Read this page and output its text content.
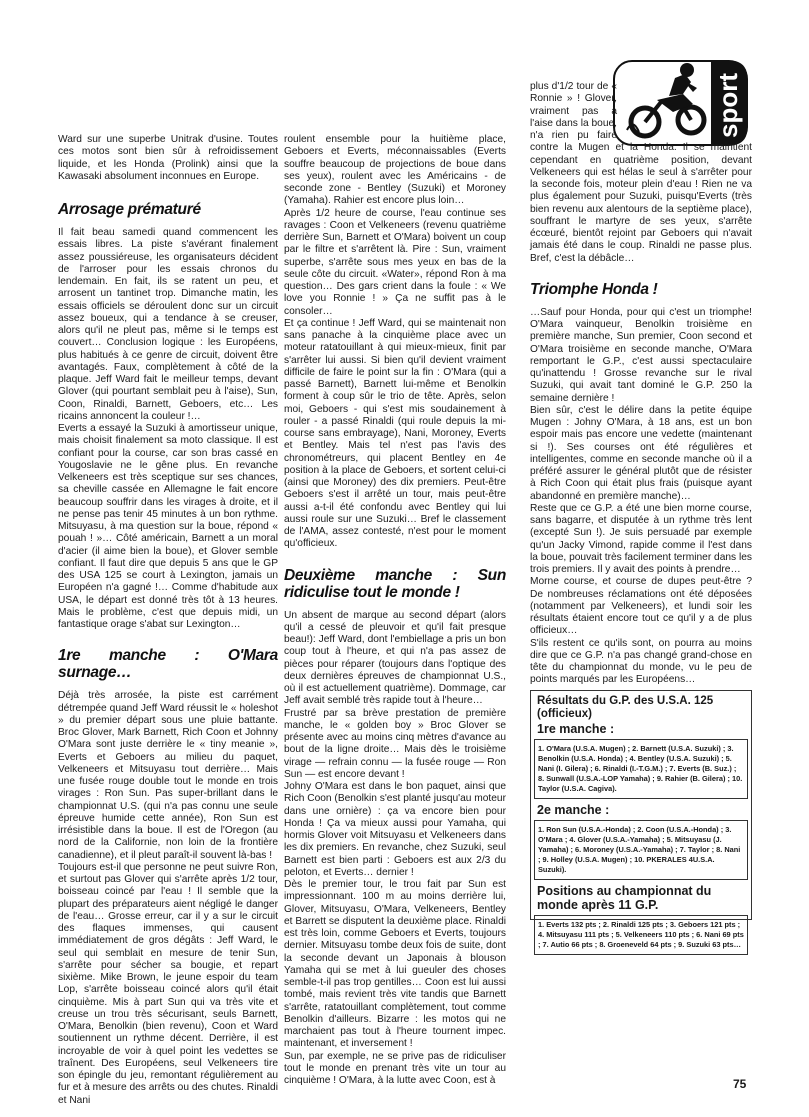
sport

Ward sur une superbe Unitrak d'usine. Toutes ces motos sont bien sûr à refroidissement liquide, et les Honda (Prolink) ainsi que la Kawasaki absolument inconnues en Europe.

Arrosage prématuré

Il fait beau samedi quand commencent les essais libres. La piste s'avérant finalement assez poussiéreuse, les organisateurs décident de l'arroser pour les essais chronos du lendemain. En fait, ils se ratent un peu, et arrosent un tantinet trop. Dimanche matin, les essais officiels se déroulent donc sur un circuit assez boueux, qui a tendance à se creuser, alors qu'il ne pleut pas, même si le temps est couvert… Conclusion logique : les Européens, plus habitués à ce genre de circuit, doivent être avantagés. Faux, complètement à côté de la plaque. Jeff Ward fait le meilleur temps, devant Glover (qui pourtant semblait peu à l'aise), Sun, Coon, Rinaldi, Barnett, Geboers, etc… Les ricains annoncent la couleur !…

Everts a essayé la Suzuki à amortisseur unique, mais choisit finalement sa moto classique. Il est confiant pour la course, car son bras cassé en Yougoslavie ne le gêne plus. En revanche Velkeneers est très sceptique sur ses chances, sa cheville cassée en Allemagne le fait encore beaucoup souffrir dans les virages à droite, et il ne pense pas tenir 45 minutes à un bon rythme. Mitsuyasu, à ma question sur la boue, répond « pouah ! »… Côté américain, Barnett a un moral d'acier (il aime bien la boue), et Glover semble confiant. Il faut dire que depuis 5 ans que le GP des USA 125 se court à Lexington, jamais un Européen n'a gagné !… Comme d'habitude aux USA, le départ est donné très tôt à 13 heures. Mais le problème, c'est que depuis midi, un fantastique orage s'abat sur Lexington…

1re manche : O'Mara surnage…

Déjà très arrosée, la piste est carrément détrempée quand Jeff Ward réussit le « holeshot » du premier départ sous une pluie battante. Broc Glover, Mark Barnett, Rich Coon et Johnny O'Mara sont juste derrière le « tiny meanie », Everts et Geboers au milieu du paquet, Velkeneers et Mitsuyasu tout derrière… Mais une fusée rouge double tout le monde en trois virages : Ron Sun. Pas super-brillant dans le championnat U.S. (qui n'a pas connu une seule épreuve humide cette année), Ron Sun est irrésistible dans la boue. Il est de l'Oregon (au nord de la Californie, non loin de la frontière canadienne), et il pleut paraît-il souvent là-bas !

Toujours est-il que personne ne peut suivre Ron, et surtout pas Glover qui s'arrête après 1/2 tour, boisseau coincé par l'eau ! Il semble que la plupart des préparateurs aient négligé le danger de l'eau… Grosse erreur, car il y a sur le circuit des flaques immenses, qui causent immédiatement de gros dégâts : Jeff Ward, le seul qui semblait en mesure de tenir Sun, s'arrête pour sécher sa bougie, et repart sixième. Mike Brown, le jeune espoir du team Lop, s'arrête boisseau coincé alors qu'il était cinquième. Mis à part Sun qui va très vite et creuse un trou très sécurisant, seuls Barnett, O'Mara, Benolkin (bien revenu), Coon et Ward soutiennent un rythme décent. Derrière, il est incroyable de voir à quel point les vedettes se traînent. Des Européens, seul Velkeneers tire son épingle du jeu, remontant régulièrement au fur et à mesure des arrêts ou des chutes. Rinaldi et Nani

roulent ensemble pour la huitième place, Geboers et Everts, méconnaissables (Everts souffre beaucoup de projections de boue dans ses yeux), roulent avec les Américains - de seconde zone - Bentley (Suzuki) et Moroney (Yamaha). Rahier est encore plus loin…

Après 1/2 heure de course, l'eau continue ses ravages : Coon et Velkeneers (revenu quatrième derrière Sun, Barnett et O'Mara) boivent un coup par le filtre et s'arrêtent là. Pire : Sun, vraiment superbe, s'arrête sous mes yeux en bas de la seule côte du circuit. «Water», répond Ron à ma question… Des gars crient dans la foule : « We love you Ronnie ! » Ça ne suffit pas à le consoler…

Et ça continue ! Jeff Ward, qui se maintenait non sans panache à la cinquième place avec un moteur ratatouillant à qui mieux-mieux, finit par s'arrêter lui aussi. Si bien qu'il devient vraiment difficile de faire le point sur la fin : O'Mara (qui a passé Barnett), Barnett lui-même et Benolkin forment à coup sûr le trio de tête. Après, selon moi, Geboers - qui s'est mis soudainement à rouler - a passé Rinaldi (qui roule depuis la mi-course sans embrayage), Nani, Moroney, Everts et Bentley. Mais tel n'est pas l'avis des chronométreurs, qui placent Bentley en 4e position à la place de Geboers, et sortent celui-ci (ainsi que Moroney) des dix premiers. Peut-être Geboers s'est il arrêté un tour, mais peut-être aussi a-t-il été confondu avec Bentley qui lui aussi roule sur une Suzuki… Bref le classement de l'AMA, assez contesté, n'est pour le moment qu'officieux.

Deuxième manche : Sun ridiculise tout le monde !

Un absent de marque au second départ (alors qu'il a cessé de pleuvoir et qu'il fait presque beau!): Jeff Ward, dont l'embiellage a pris un bon coup tout à l'heure, et qui n'a pas assez de pièces pour réparer (toujours dans l'optique des deux dernières épreuves de championnat U.S., où il est actuellement quatrième). Dommage, car Jeff avait semblé très rapide tout à l'heure…

Frustré par sa brève prestation de première manche, le « golden boy » Broc Glover se présente avec au moins cinq mètres d'avance au bout de la ligne droite… Mais dès le troisième virage — refrain connu — la fusée rouge — Ron Sun — est encore devant !

Johny O'Mara est dans le bon paquet, ainsi que Rich Coon (Benolkin s'est planté jusqu'au moteur dans une ornière) : ça va encore bien pour Honda ! Ça va mieux aussi pour Yamaha, qui hormis Glover voit Mitsuyasu et Velkeneers dans les dix premiers. En revanche, chez Suzuki, seul Barnett est bien parti : Geboers est aux 2/3 du peloton, et Everts… dernier !

Dès le premier tour, le trou fait par Sun est impressionnant. 100 m au moins derrière lui, Glover, Mitsuyasu, O'Mara, Velkeneers, Bentley et Barrett se disputent la deuxième place. Rinaldi est très loin, comme Geboers et Everts, toujours dernier. Mitsuyasu tombe deux fois de suite, dont la seconde devant un Japonais à blouson Yamaha qui se met à lui gueuler des choses semble-t-il pas trop gentilles… Coon est lui aussi tombé, mais revient très vite tandis que Barnett s'arrête, ratatouillant complètement, tout comme Benolkin d'ailleurs. Bizarre : les motos qui ne marchaient pas tout à l'heure tournent impec. maintenant, et inversement !

Sun, par exemple, ne se prive pas de ridiculiser tout le monde en prenant très vite un tour au cinquième ! O'Mara, à la lutte avec Coon, est à

plus d'1/2 tour de « Ronnie » ! Glover, vraiment pas à l'aise dans la boue, n'a rien pu faire contre la Mugen et la Honda. Il se maintient cependant en quatrième position, devant Velkeneers qui est hélas le seul à s'arrêter pour la seconde fois, moteur plein d'eau ! Rien ne va plus également pour Suzuki, puisqu'Everts (très bien revenu aux alentours de la septième place), souffrant le martyre de ses yeux, s'arrête écœuré, bientôt rejoint par Geboers qui n'avait jamais été dans le coup. Rinaldi ne passe plus. Bref, c'est la débâcle…

Triomphe Honda !

…Sauf pour Honda, pour qui c'est un triomphe! O'Mara vainqueur, Benolkin troisième en première manche, Sun premier, Coon second et O'Mara troisième en seconde manche, O'Mara remportant le G.P., c'est aussi spectaculaire qu'inattendu ! Grosse revanche sur le rival Suzuki, qui avait tant dominé le G.P. 250 la semaine dernière !

Bien sûr, c'est le délire dans la petite équipe Mugen : Johny O'Mara, à 18 ans, est un bon espoir mais pas encore une vedette (maintenant si !). Ses courses ont été régulières et intelligentes, comme en seconde manche où il a préféré assurer le général plutôt que de résister à Rich Coon qui était plus frais (puisque ayant abandonné en première manche)…

Reste que ce G.P. a été une bien morne course, sans bagarre, et disputée à un rythme très lent (excepté Sun !). Je suis persuadé par exemple qu'un Jacky Vimond, rapide comme il l'est dans la boue, pouvait très facilement terminer dans les trois premiers. Il y avait des points à prendre…

Morne course, et course de dupes peut-être ? De nombreuses réclamations ont été déposées (notamment par Velkeneers), et lundi soir les résultats étaient encore tout ce qu'il y a de plus officieux…

S'ils restent ce qu'ils sont, on pourra au moins dire que ce G.P. n'a pas changé grand-chose en tête du championnat du monde, vu le peu de points marqués par les Européens…

Résultats du G.P. des U.S.A. 125 (officieux)
1re manche :
1. O'Mara (U.S.A. Mugen) ; 2. Barnett (U.S.A. Suzuki) ; 3. Benolkin (U.S.A. Honda) ; 4. Bentley (U.S.A. Suzuki) ; 5. Nani (I. Gilera) ; 6. Rinaldi (I.-T.G.M.) ; 7. Everts (B. Suz.) ; 8. Sunwall (U.S.A.-LOP Yamaha) ; 9. Rahier (B. Gilera) ; 10. Taylor (U.S.A. Cagiva).
2e manche :
1. Ron Sun (U.S.A.-Honda) ; 2. Coon (U.S.A.-Honda) ; 3. O'Mara ; 4. Glover (U.S.A.-Yamaha) ; 5. Mitsuyasu (J. Yamaha) ; 6. Moroney (U.S.A.-Yamaha) ; 7. Taylor ; 8. Nani ; 9. Holley (U.S.A. Mugen) ; 10. PKERALES 4U.S.A. Suzuki).
Positions au championnat du monde après 11 G.P.
1. Everts 132 pts ; 2. Rinaldi 125 pts ; 3. Geboers 121 pts ; 4. Mitsuyasu 111 pts ; 5. Velkeneers 110 pts ; 6. Nani 69 pts ; 7. Autio 66 pts ; 8. Groeneveld 64 pts ; 9. Suzuki 63 pts…
75
